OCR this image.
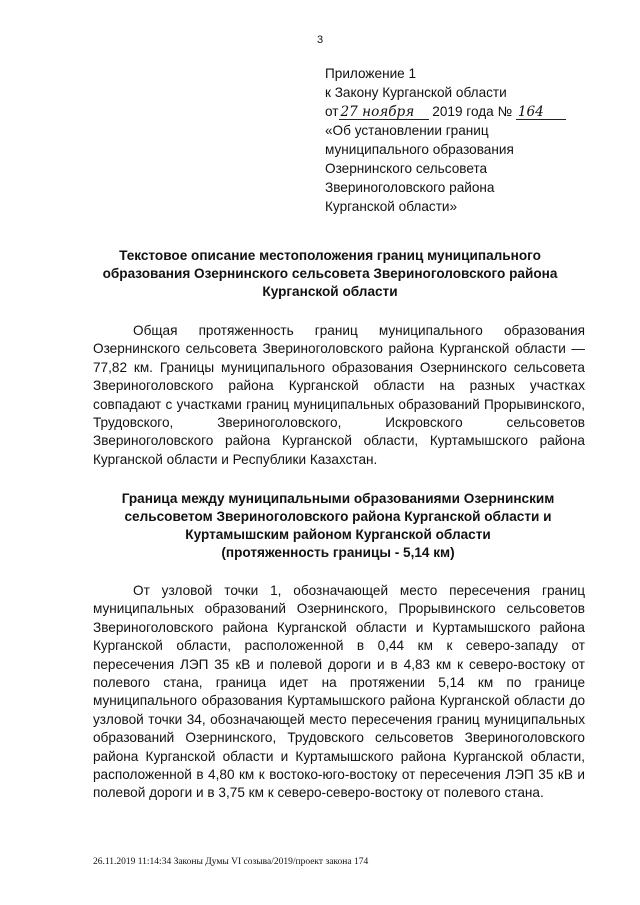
3
Приложение 1
к Закону Курганской области
от 27 ноября 2019 года № 164
«Об установлении границ
муниципального образования
Озернинского сельсовета
Звериноголовского района
Курганской области»
Текстовое описание местоположения границ муниципального образования Озернинского сельсовета Звериноголовского района Курганской области

Общая протяженность границ муниципального образования Озернинского сельсовета Звериноголовского района Курганской области — 77,82 км. Границы муниципального образования Озернинского сельсовета Звериноголовского района Курганской области на разных участках совпадают с участками границ муниципальных образований Прорывинского, Трудовского, Звериноголовского, Искровского сельсоветов Звериноголовского района Курганской области, Куртамышского района Курганской области и Республики Казахстан.

Граница между муниципальными образованиями Озернинским
сельсоветом Звериноголовского района Курганской области и
Куртамышским районом Курганской области
(протяженность границы - 5,14 км)

От узловой точки 1, обозначающей место пересечения границ муниципальных образований Озернинского, Прорывинского сельсоветов Звериноголовского района Курганской области и Куртамышского района Курганской области, расположенной в 0,44 км к северо-западу от пересечения ЛЭП 35 кВ и полевой дороги и в 4,83 км к северо-востоку от полевого стана, граница идет на протяжении 5,14 км по границе муниципального образования Куртамышского района Курганской области до узловой точки 34, обозначающей место пересечения границ муниципальных образований Озернинского, Трудовского сельсоветов Звериноголовского района Курганской области и Куртамышского района Курганской области, расположенной в 4,80 км к востоко-юго-востоку от пересечения ЛЭП 35 кВ и полевой дороги и в 3,75 км к северо-северо-востоку от полевого стана.

26.11.2019 11:14:34 Законы Думы VI созыва/2019/проект закона 174
